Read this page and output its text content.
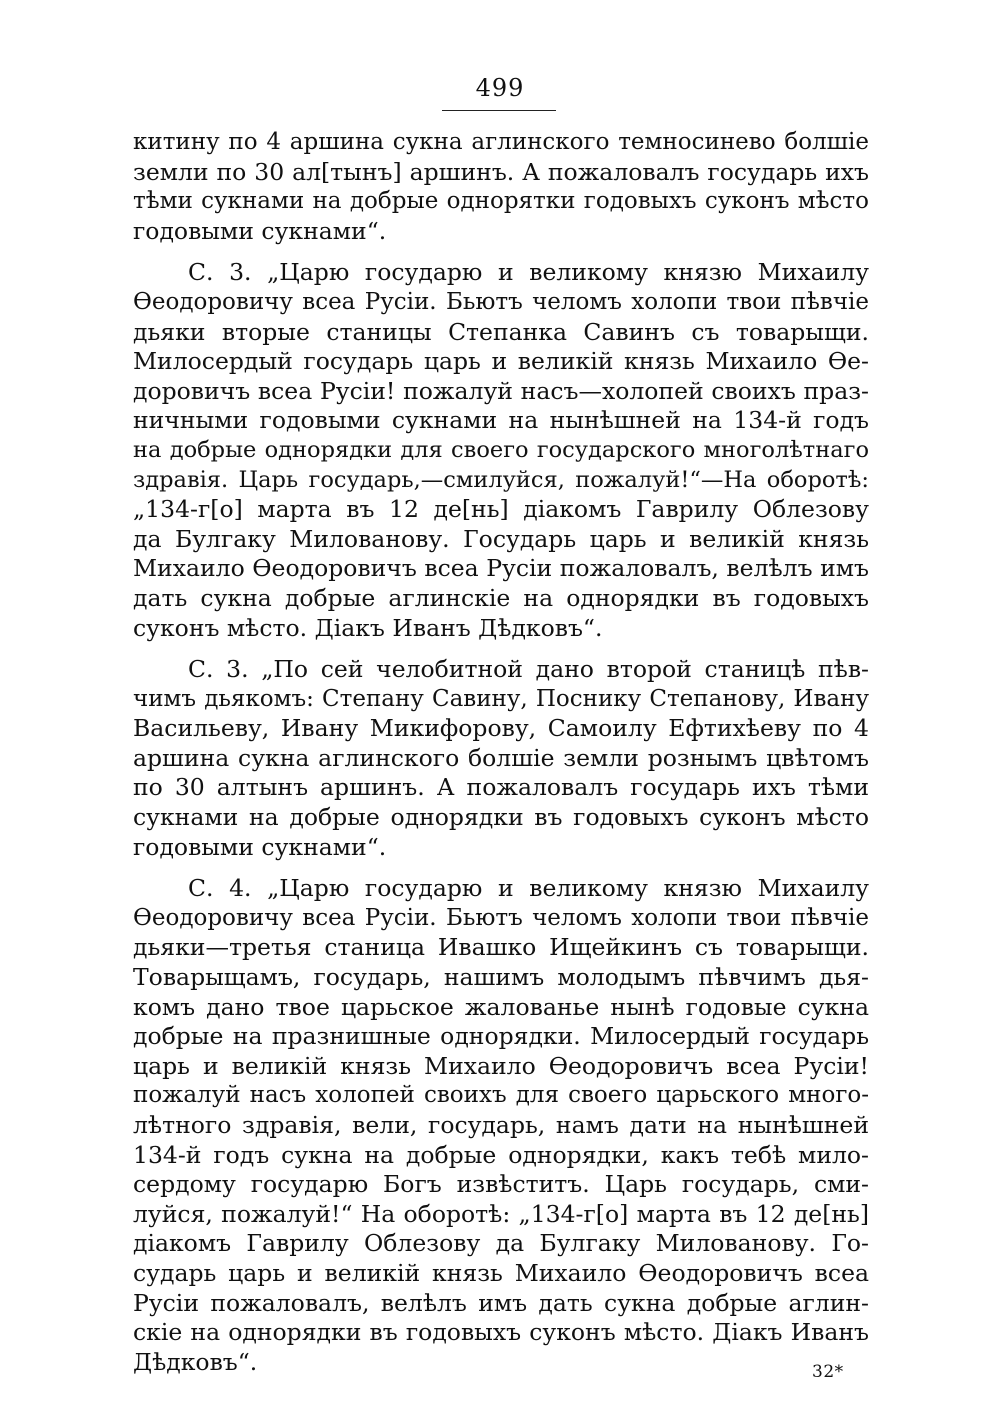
499
китину по 4 аршина сукна аглинского темносинево болшіе
земли по 30 ал[тынъ] аршинъ. А пожаловалъ государь ихъ
тѣми сукнами на добрые однорятки годовыхъ суконъ мѣсто
годовыми сукнами“.
С. 3. „Царю государю и великому князю Михаилу
Ѳеодоровичу всеа Русіи. Бьютъ челомъ холопи твои пѣвчіе
дьяки вторые станицы Степанка Савинъ съ товарыщи.
Милосердый государь царь и великій князь Михаило Ѳе-
доровичъ всеа Русіи! пожалуй насъ—холопей своихъ праз-
ничными годовыми сукнами на нынѣшней на 134-й годъ
на добрые однорядки для своего государского многолѣтнаго
здравія. Царь государь,—смилуйся, пожалуй!“—На оборотѣ:
„134-г[о] марта въ 12 де[нь] діакомъ Гаврилу Облезову
да Булгаку Милованову. Государь царь и великій князь
Михаило Ѳеодоровичъ всеа Русіи пожаловалъ, велѣлъ имъ
дать сукна добрые аглинскіе на однорядки въ годовыхъ
суконъ мѣсто. Діакъ Иванъ Дѣдковъ“.
С. 3. „По сей челобитной дано второй станицѣ пѣв-
чимъ дьякомъ: Степану Савину, Поснику Степанову, Ивану
Васильеву, Ивану Микифорову, Самоилу Ефтихѣеву по 4
аршина сукна аглинского болшіе земли рознымъ цвѣтомъ
по 30 алтынъ аршинъ. А пожаловалъ государь ихъ тѣми
сукнами на добрые однорядки въ годовыхъ суконъ мѣсто
годовыми сукнами“.
С. 4. „Царю государю и великому князю Михаилу
Ѳеодоровичу всеа Русіи. Бьютъ челомъ холопи твои пѣвчіе
дьяки—третья станица Ивашко Ищейкинъ съ товарыщи.
Товарыщамъ, государь, нашимъ молодымъ пѣвчимъ дья-
комъ дано твое царьское жалованье нынѣ годовые сукна
добрые на празнишные однорядки. Милосердый государь
царь и великій князь Михаило Ѳеодоровичъ всеа Русіи!
пожалуй насъ холопей своихъ для своего царьского много-
лѣтного здравія, вели, государь, намъ дати на нынѣшней
134-й годъ сукна на добрые однорядки, какъ тебѣ мило-
сердому государю Богъ извѣститъ. Царь государь, сми-
луйся, пожалуй!“ На оборотѣ: „134-г[о] марта въ 12 де[нь]
діакомъ Гаврилу Облезову да Булгаку Милованову. Го-
сударь царь и великій князь Михаило Ѳеодоровичъ всеа
Русіи пожаловалъ, велѣлъ имъ дать сукна добрые аглин-
скіе на однорядки въ годовыхъ суконъ мѣсто. Діакъ Иванъ
Дѣдковъ“.	32*
